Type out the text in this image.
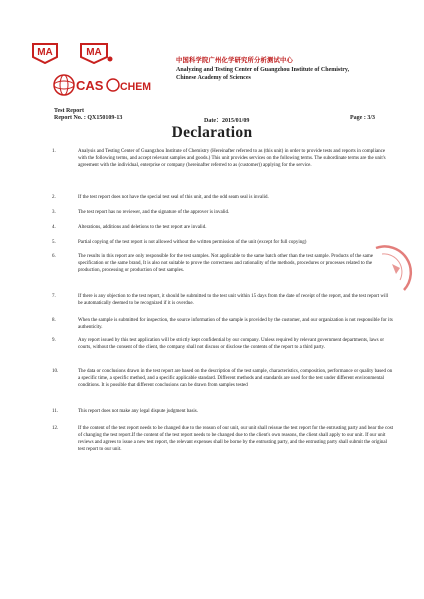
MA	MA
CAS CHEM
中国科学院广州化学研究所分析测试中心
Analyzing and Testing Center of Guangzhou Institute of Chemistry,
Chinese Academy of Sciences
Test Report
Report No. : QX150109-13	Date：2015/01/09	Page : 3/3
Declaration
1.	Analysis and Testing Center of Guangzhou Institute of Chemistry (Hereinafter referred to as (this unit) in order to provide tests and reports in compliance with the following terms, and accept relevant samples and goods.) This unit provides services on the following terms. The subordinate terms are the unit's agreement with the individual, enterprise or company (hereinafter referred to as (customer)) applying for the service.
2.	If the test report does not have the special test seal of this unit, and the odd seam seal is invalid.
3.	The test report has no reviewer, and the signature of the approver is invalid.
4.	Alterations, additions and deletions to the test report are invalid.
5.	Partial copying of the test report is not allowed without the written permission of the unit (except for full copying)
6.	The results in this report are only responsible for the test samples. Not applicable to the same batch other than the test sample. Products of the same specification or the same brand, It is also not suitable to prove the correctness and rationality of the methods, procedures or processes related to the production, processing or production of test samples.
7.	If there is any objection to the test report, it should be submitted to the test unit within 15 days from the date of receipt of the report, and the test report will be automatically deemed to be recognized if it is overdue.
8.	When the sample is submitted for inspection, the source information of the sample is provided by the customer, and our organization is not responsible for its authenticity.
9.	Any report issued by this test application will be strictly kept confidential by our company. Unless required by relevant government departments, laws or courts, without the consent of the client, the company shall not discuss or disclose the contents of the report to a third party.
10.	The data or conclusions drawn in the test report are based on the description of the test sample, characteristics, composition, performance or quality based on a specific time, a specific method, and a specific applicable standard. Different methods and standards are used for the test under different environmental conditions. It is possible that different conclusions can be drawn from samples tested
11.	This report does not make any legal dispute judgment basis.
12.	If the content of the test report needs to be changed due to the reason of our unit, our unit shall reissue the test report for the entrusting party and bear the cost of changing the test report.If the content of the test report needs to be changed due to the client's own reasons, the client shall apply to our unit. If our unit reviews and agrees to issue a new test report, the relevant expenses shall be borne by the entrusting party, and the entrusting party shall submit the original test report to our unit.
